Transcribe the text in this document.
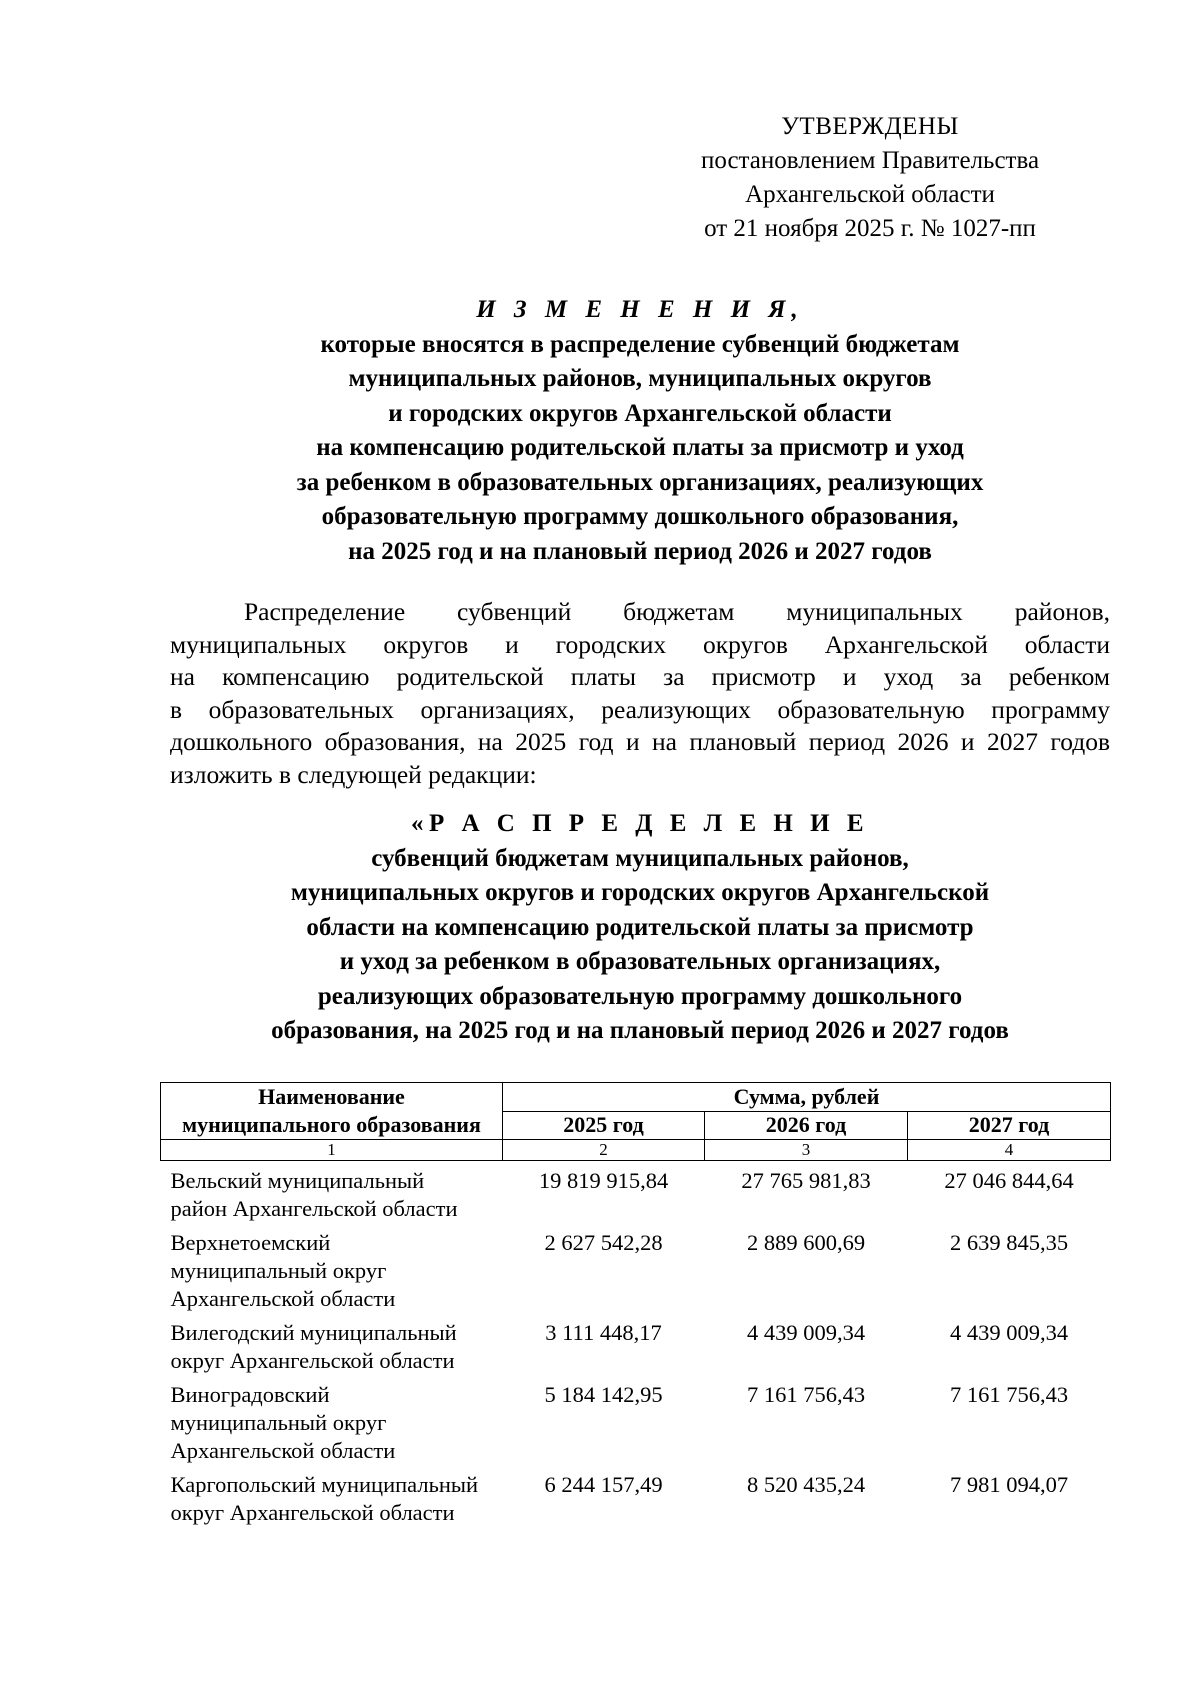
УТВЕРЖДЕНЫ
постановлением Правительства
Архангельской области
от 21 ноября 2025 г. № 1027-пп
И З М Е Н Е Н И Я,
которые вносятся в распределение субвенций бюджетам
муниципальных районов, муниципальных округов
и городских округов Архангельской области
на компенсацию родительской платы за присмотр и уход
за ребенком в образовательных организациях, реализующих
образовательную программу дошкольного образования,
на 2025 год и на плановый период 2026 и 2027 годов
Распределение субвенций бюджетам муниципальных районов,
муниципальных округов и городских округов Архангельской области
на компенсацию родительской платы за присмотр и уход за ребенком
в образовательных организациях, реализующих образовательную программу
дошкольного образования, на 2025 год и на плановый период 2026 и 2027 годов
изложить в следующей редакции:
«Р А С П Р Е Д Е Л Е Н И Е
субвенций бюджетам муниципальных районов,
муниципальных округов и городских округов Архангельской
области на компенсацию родительской платы за присмотр
и уход за ребенком в образовательных организациях,
реализующих образовательную программу дошкольного
образования, на 2025 год и на плановый период 2026 и 2027 годов
Наименование
муниципального образования	Сумма, рублей		
	2025 год	2026 год	2027 год
1	2	3	4

Вельский муниципальный
район Архангельской области	19 819 915,84	27 765 981,83	27 046 844,64

Верхнетоемский
муниципальный округ
Архангельской области	2 627 542,28	2 889 600,69	2 639 845,35

Вилегодский муниципальный
округ Архангельской области	3 111 448,17	4 439 009,34	4 439 009,34

Виноградовский
муниципальный округ
Архангельской области	5 184 142,95	7 161 756,43	7 161 756,43

Каргопольский муниципальный
округ Архангельской области	6 244 157,49	8 520 435,24	7 981 094,07
